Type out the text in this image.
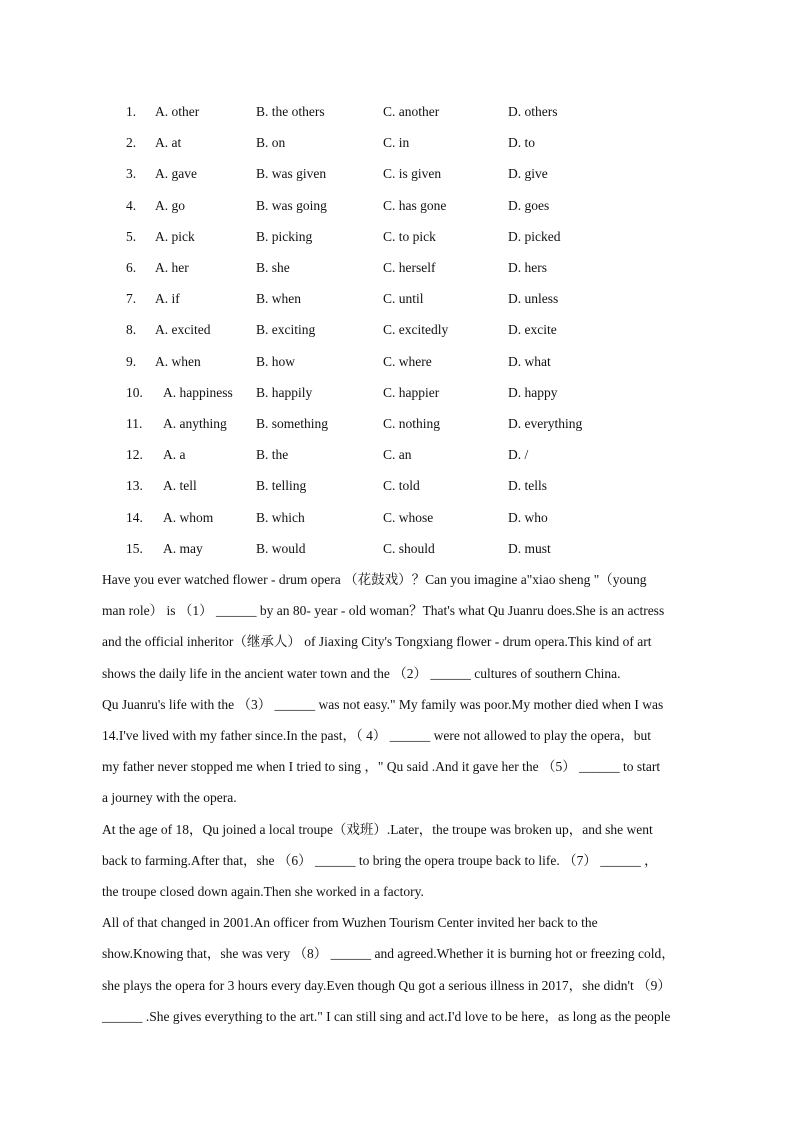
1. A. other	B. the others	C. another	D. others
2. A. at	B. on	C. in	D. to
3. A. gave	B. was given	C. is given	D. give
4. A. go	B. was going	C. has gone	D. goes
5. A. pick	B. picking	C. to pick	D. picked
6. A. her	B. she	C. herself	D. hers
7. A. if	B. when	C. until	D. unless
8. A. excited	B. exciting	C. excitedly	D. excite
9. A. when	B. how	C. where	D. what
10. A. happiness B. happily	C. happier	D. happy
11. A. anything B. something	C. nothing	D. everything
12. A. a	B. the	C. an	D. /
13. A. tell	B. telling	C. told	D. tells
14. A. whom	B. which	C. whose	D. who
15. A. may	B. would	C. should	D. must
Have you ever watched flower - drum opera （花鼓戏）？Can you imagine a"xiao sheng "（young
man role） is （1） ______ by an 80- year - old woman？That's what Qu Juanru does.She is an actress
and the official inheritor（继承人） of Jiaxing City's Tongxiang flower - drum opera.This kind of art
shows the daily life in the ancient water town and the （2） ______ cultures of southern China.
Qu Juanru's life with the （3） ______ was not easy." My family was poor.My mother died when I was
14.I've lived with my father since.In the past，（ 4） ______ were not allowed to play the opera，but
my father never stopped me when I tried to sing ，" Qu said .And it gave her the （5） ______ to start
a journey with the opera.
At the age of 18，Qu joined a local troupe（戏班）.Later，the troupe was broken up，and she went
back to farming.After that，she （6） ______ to bring the opera troupe back to life. （7） ______ ，
the troupe closed down again.Then she worked in a factory.
All of that changed in 2001.An officer from Wuzhen Tourism Center invited her back to the
show.Knowing that，she was very （8） ______ and agreed.Whether it is burning hot or freezing cold，
she plays the opera for 3 hours every day.Even though Qu got a serious illness in 2017，she didn't （9）
______ .She gives everything to the art." I can still sing and act.I'd love to be here，as long as the people
